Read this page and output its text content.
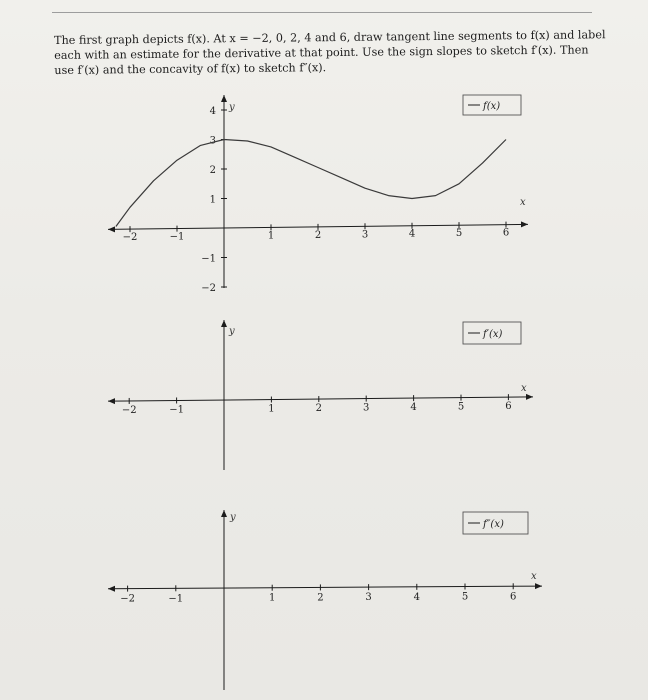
The first graph depicts f(x). At x = −2, 0, 2, 4 and 6, draw tangent line segments to f(x) and label
each with an estimate for the derivative at that point. Use the sign slopes to sketch f′(x). Then
use f′(x) and the concavity of f(x) to sketch f″(x).
x
y
−2	−1	1	2	3	4	5	6
4
3
2
1
−1
−2
f(x)
x
y
−2	−1	1	2	3	4	5	6
f′(x)
x
y
−2	−1	1	2	3	4	5	6
f″(x)
